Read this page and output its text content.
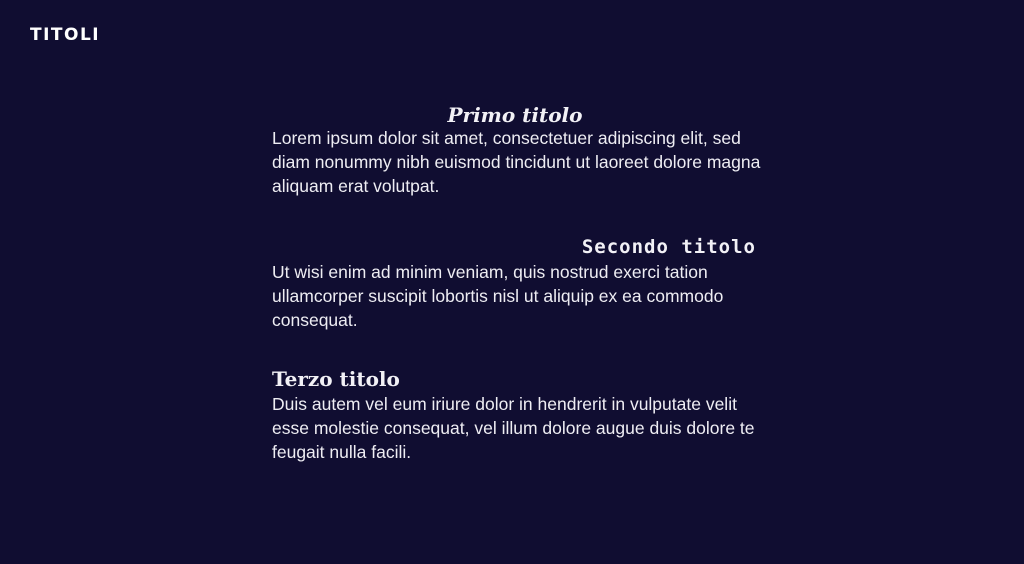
TITOLI
Primo titolo

Lorem ipsum dolor sit amet, consectetuer adipiscing elit, sed diam nonummy nibh euismod tincidunt ut laoreet dolore magna aliquam erat volutpat.

Secondo titolo

Ut wisi enim ad minim veniam, quis nostrud exerci tation ullamcorper suscipit lobortis nisl ut aliquip ex ea commodo consequat.

Terzo titolo

Duis autem vel eum iriure dolor in hendrerit in vulputate velit esse molestie consequat, vel illum dolore augue duis dolore te feugait nulla facili.
